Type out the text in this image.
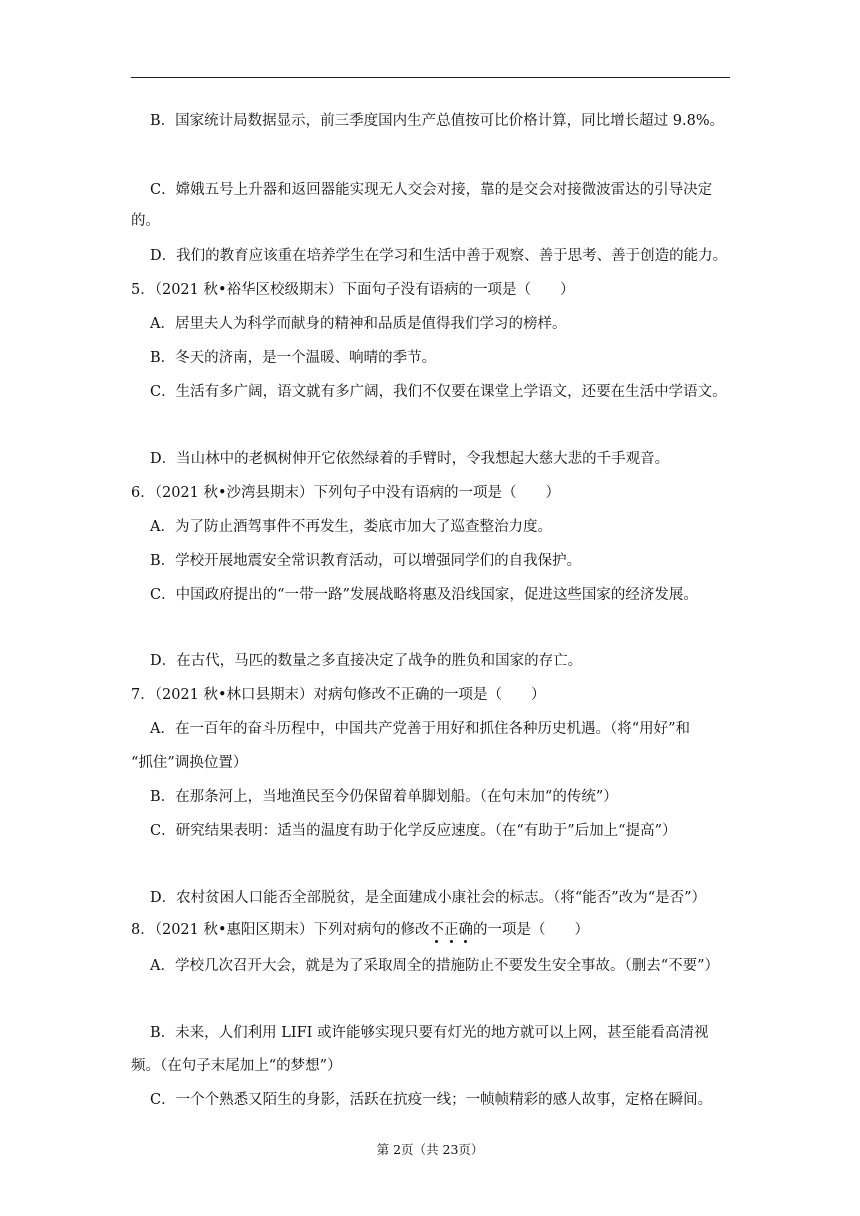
B．国家统计局数据显示，前三季度国内生产总值按可比价格计算，同比增长超过 9.8%。
C．嫦娥五号上升器和返回器能实现无人交会对接，靠的是交会对接微波雷达的引导决定
的。
D．我们的教育应该重在培养学生在学习和生活中善于观察、善于思考、善于创造的能力。
5．（2021 秋•裕华区校级期末）下面句子没有语病的一项是（　　）
A．居里夫人为科学而献身的精神和品质是值得我们学习的榜样。
B．冬天的济南，是一个温暖、响晴的季节。
C．生活有多广阔，语文就有多广阔，我们不仅要在课堂上学语文，还要在生活中学语文。
D．当山林中的老枫树伸开它依然绿着的手臂时，令我想起大慈大悲的千手观音。
6．（2021 秋•沙湾县期末）下列句子中没有语病的一项是（　　）
A．为了防止酒驾事件不再发生，娄底市加大了巡查整治力度。
B．学校开展地震安全常识教育活动，可以增强同学们的自我保护。
C．中国政府提出的“一带一路”发展战略将惠及沿线国家，促进这些国家的经济发展。
D．在古代，马匹的数量之多直接决定了战争的胜负和国家的存亡。
7．（2021 秋•林口县期末）对病句修改不正确的一项是（　　）
A．在一百年的奋斗历程中，中国共产党善于用好和抓住各种历史机遇。（将“用好”和
“抓住”调换位置）
B．在那条河上，当地渔民至今仍保留着单脚划船。（在句末加“的传统”）
C．研究结果表明：适当的温度有助于化学反应速度。（在“有助于”后加上“提高”）
D．农村贫困人口能否全部脱贫，是全面建成小康社会的标志。（将“能否”改为“是否”）
8．（2021 秋•惠阳区期末）下列对病句的修改不
正
确
的一项是（　　）
A．学校几次召开大会，就是为了采取周全的措施防止不要发生安全事故。（删去“不要”）
B．未来，人们利用 LIFI 或许能够实现只要有灯光的地方就可以上网，甚至能看高清视
频。（在句子末尾加上“的梦想”）
C．一个个熟悉又陌生的身影，活跃在抗疫一线；一帧帧精彩的感人故事，定格在瞬间。
第 2页（共 23页）
